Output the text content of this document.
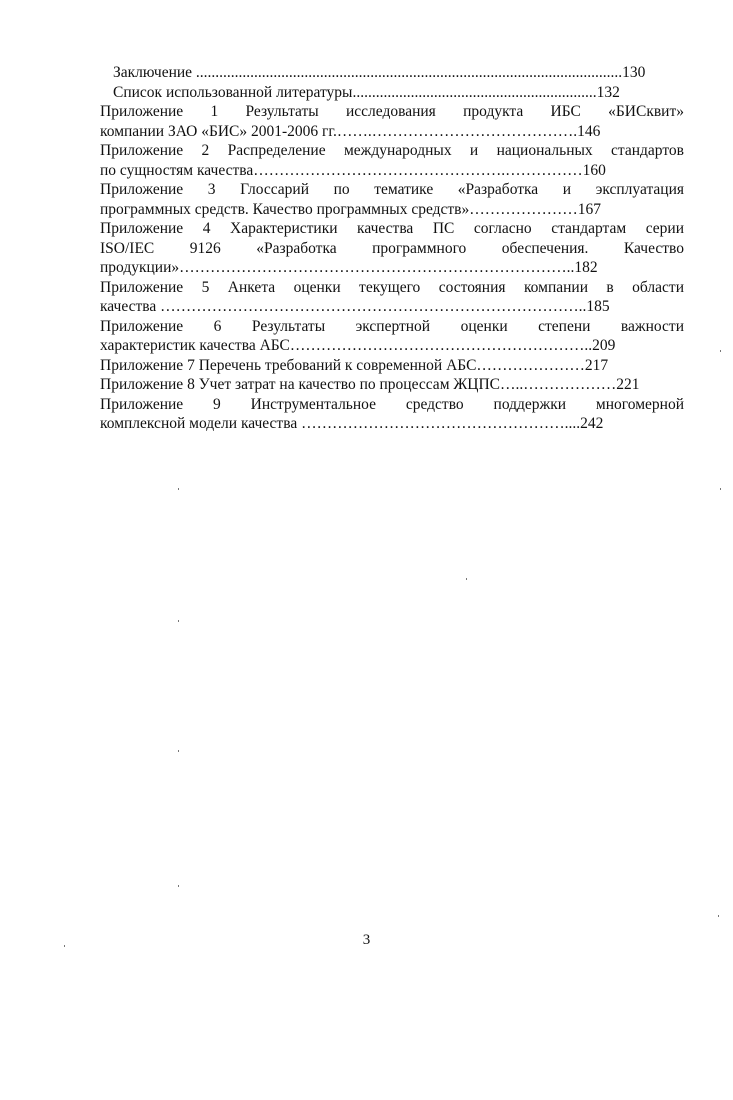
Заключение ..............................................................................................................130
Список использованной литературы...............................................................132
Приложение 1 Результаты исследования продукта ИБС «БИСквит»
компании ЗАО «БИС» 2001-2006 гг.…….………………………………….146
Приложение 2 Распределение международных и национальных стандартов
по сущностям качества………………………………………….……………160
Приложение 3 Глоссарий по тематике «Разработка и эксплуатация
программных средств. Качество программных средств»…………………167
Приложение 4 Характеристики качества ПС согласно стандартам серии
ISO/IEC 9126 «Разработка программного обеспечения. Качество
продукции»…………………………………………………………………..182
Приложение 5 Анкета оценки текущего состояния компании в области
качества ………………………………………………………………………..185
Приложение 6 Результаты экспертной оценки степени важности
характеристик качества АБС…………………………………………………..209
Приложение 7 Перечень требований к современной АБС…………………217
Приложение 8 Учет затрат на качество по процессам ЖЦПС…..………………221
Приложение 9 Инструментальное средство поддержки многомерной
комплексной модели качества ……………………………………………....242
3
